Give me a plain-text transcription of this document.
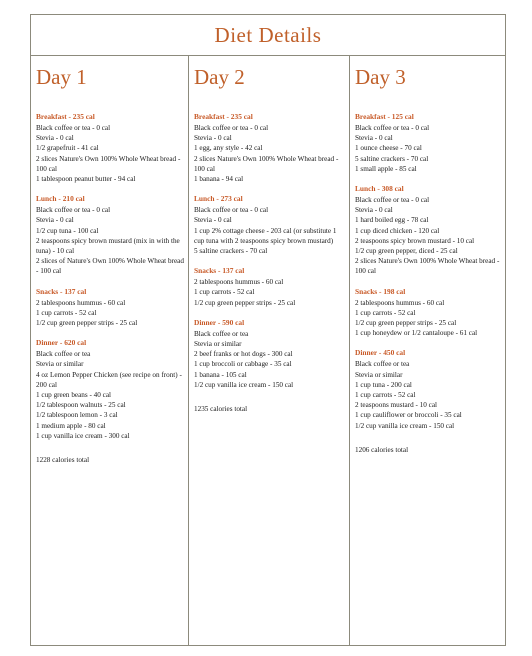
Diet Details
Day 1
Breakfast - 235 cal
Black coffee or tea - 0 cal
Stevia - 0 cal
1/2 grapefruit - 41 cal
2 slices Nature's Own 100% Whole Wheat bread - 100 cal
1 tablespoon peanut butter - 94 cal
Lunch - 210 cal
Black coffee or tea - 0 cal
Stevia - 0 cal
1/2 cup tuna - 100 cal
2 teaspoons spicy brown mustard (mix in with the tuna) - 10 cal
2 slices of Nature's Own 100% Whole Wheat bread - 100 cal
Snacks - 137 cal
2 tablespoons hummus - 60 cal
1 cup carrots - 52 cal
1/2 cup green pepper strips - 25 cal
Dinner - 620 cal
Black coffee or tea
Stevia or similar
4 oz Lemon Pepper Chicken (see recipe on front) - 200 cal
1 cup green beans - 40 cal
1/2 tablespoon walnuts - 25 cal
1/2 tablespoon lemon - 3 cal
1 medium apple - 80 cal
1 cup vanilla ice cream - 300 cal
1228 calories total
Day 2
Breakfast - 235 cal
Black coffee or tea - 0 cal
Stevia - 0 cal
1 egg, any style - 42 cal
2 slices Nature's Own 100% Whole Wheat bread - 100 cal
1 banana - 94 cal
Lunch - 273 cal
Black coffee or tea - 0 cal
Stevia - 0 cal
1 cup 2% cottage cheese - 203 cal (or substitute 1 cup tuna with 2 teaspoons spicy brown mustard)
5 saltine crackers - 70 cal
Snacks - 137 cal
2 tablespoons hummus - 60 cal
1 cup carrots - 52 cal
1/2 cup green pepper strips - 25 cal
Dinner - 590 cal
Black coffee or tea
Stevia or similar
2 beef franks or hot dogs - 300 cal
1 cup broccoli or cabbage - 35 cal
1 banana - 105 cal
1/2 cup vanilla ice cream - 150 cal
1235 calories total
Day 3
Breakfast - 125 cal
Black coffee or tea - 0 cal
Stevia - 0 cal
1 ounce cheese - 70 cal
5 saltine crackers - 70 cal
1 small apple - 85 cal
Lunch - 308 cal
Black coffee or tea - 0 cal
Stevia - 0 cal
1 hard boiled egg - 78 cal
1 cup diced chicken - 120 cal
2 teaspoons spicy brown mustard - 10 cal
1/2 cup green pepper, diced - 25 cal
2 slices Nature's Own 100% Whole Wheat bread - 100 cal
Snacks - 198 cal
2 tablespoons hummus - 60 cal
1 cup carrots - 52 cal
1/2 cup green pepper strips - 25 cal
1 cup honeydew or 1/2 cantaloupe - 61 cal
Dinner - 450 cal
Black coffee or tea
Stevia or similar
1 cup tuna - 200 cal
1 cup carrots - 52 cal
2 teaspoons mustard - 10 cal
1 cup cauliflower or broccoli - 35 cal
1/2 cup vanilla ice cream - 150 cal
1206 calories total
